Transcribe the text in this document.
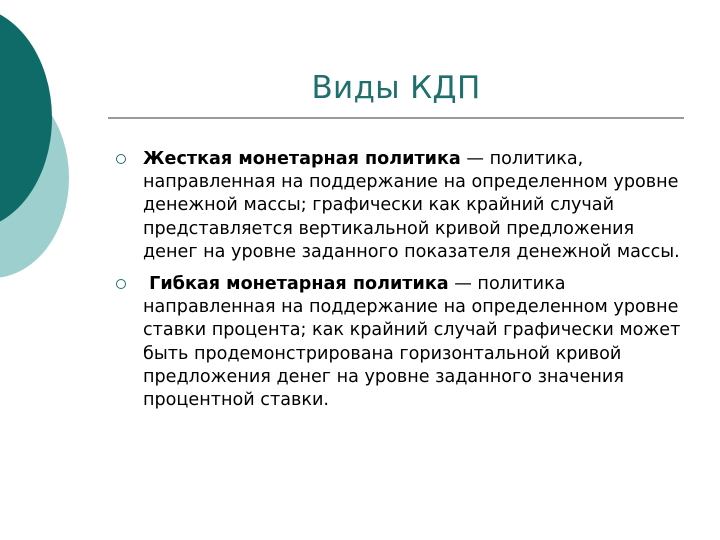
Виды КДП
Жесткая монетарная политика — политика, направленная на поддержание на определенном уровне денежной массы; графически как крайний случай представляется вертикальной кривой предложения денег на уровне заданного показателя денежной массы.
Гибкая монетарная политика — политика направленная на поддержание на определенном уровне ставки процента; как крайний случай графически может быть продемонстрирована горизонтальной кривой предложения денег на уровне заданного значения процентной ставки.
